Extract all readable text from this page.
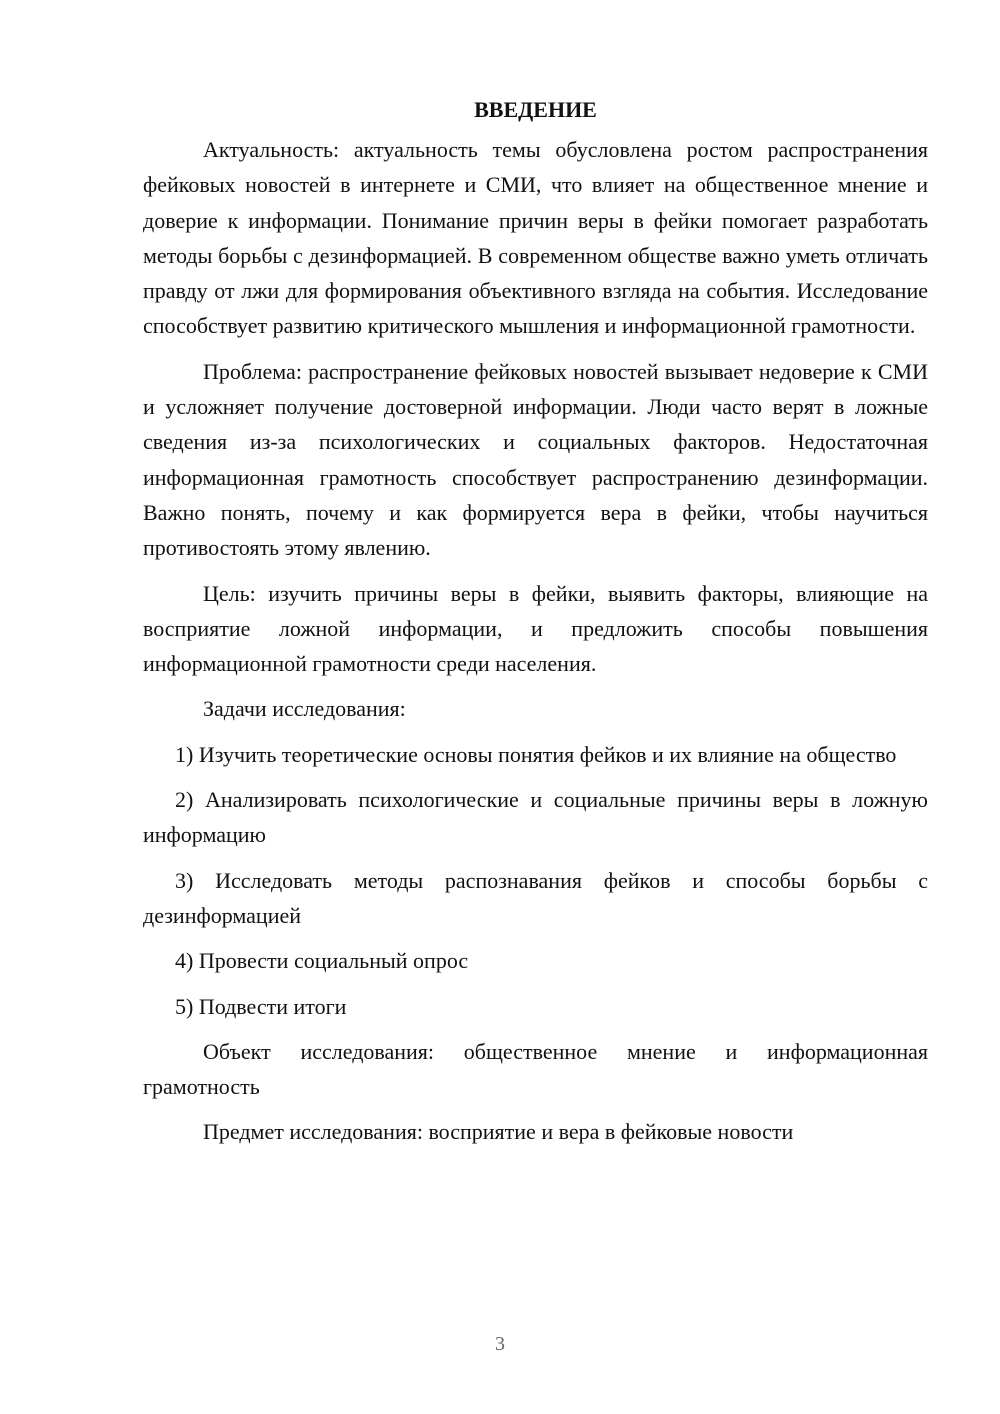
ВВЕДЕНИЕ

Актуальность: актуальность темы обусловлена ростом распространения фейковых новостей в интернете и СМИ, что влияет на общественное мнение и доверие к информации. Понимание причин веры в фейки помогает разработать методы борьбы с дезинформацией. В современном обществе важно уметь отличать правду от лжи для формирования объективного взгляда на события. Исследование способствует развитию критического мышления и информационной грамотности.

Проблема: распространение фейковых новостей вызывает недоверие к СМИ и усложняет получение достоверной информации. Люди часто верят в ложные сведения из-за психологических и социальных факторов. Недостаточная информационная грамотность способствует распространению дезинформации. Важно понять, почему и как формируется вера в фейки, чтобы научиться противостоять этому явлению.

Цель: изучить причины веры в фейки, выявить факторы, влияющие на восприятие ложной информации, и предложить способы повышения информационной грамотности среди населения.

Задачи исследования:

1) Изучить теоретические основы понятия фейков и их влияние на общество

2) Анализировать психологические и социальные причины веры в ложную информацию

3) Исследовать методы распознавания фейков и способы борьбы с дезинформацией

4) Провести социальный опрос

5) Подвести итоги

Объект исследования: общественное мнение и информационная грамотность

Предмет исследования: восприятие и вера в фейковые новости

3
